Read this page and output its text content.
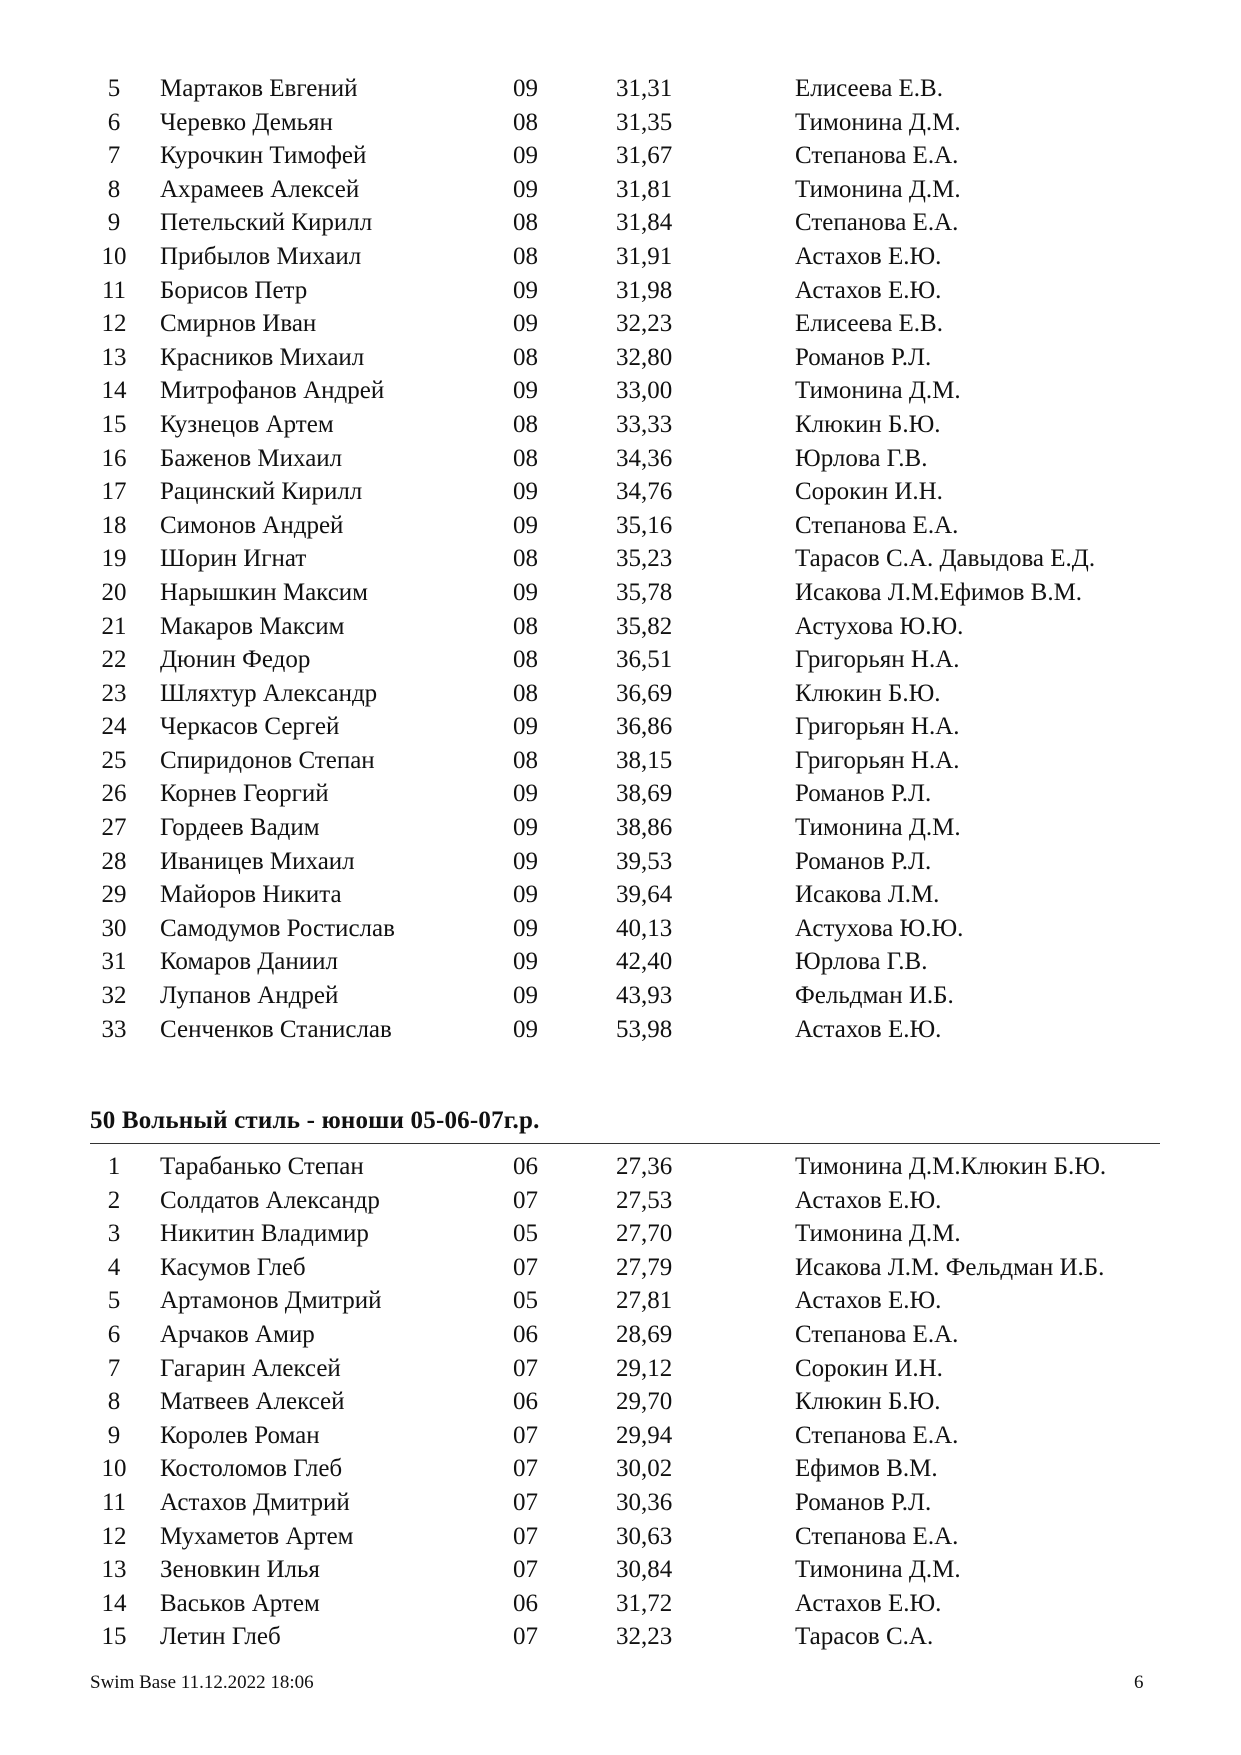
5	Мартаков Евгений	09	31,31	Елисеева Е.В.
6	Черевко Демьян	08	31,35	Тимонина Д.М.
7	Курочкин Тимофей	09	31,67	Степанова Е.А.
8	Ахрамеев Алексей	09	31,81	Тимонина Д.М.
9	Петельский Кирилл	08	31,84	Степанова Е.А.
10 Прибылов Михаил	08	31,91	Астахов Е.Ю.
11 Борисов Петр	09	31,98	Астахов Е.Ю.
12 Смирнов Иван	09	32,23	Елисеева Е.В.
13 Красников Михаил	08	32,80	Романов Р.Л.
14 Митрофанов Андрей	09	33,00	Тимонина Д.М.
15 Кузнецов Артем	08	33,33	Клюкин Б.Ю.
16 Баженов Михаил	08	34,36	Юрлова Г.В.
17 Рацинский Кирилл	09	34,76	Сорокин И.Н.
18 Симонов Андрей	09	35,16	Степанова Е.А.
19 Шорин Игнат	08	35,23	Тарасов С.А. Давыдова Е.Д.
20 Нарышкин Максим	09	35,78	Исакова Л.М.Ефимов В.М.
21 Макаров Максим	08	35,82	Астухова Ю.Ю.
22 Дюнин Федор	08	36,51	Григорьян Н.А.
23 Шляхтур Александр	08	36,69	Клюкин Б.Ю.
24 Черкасов Сергей	09	36,86	Григорьян Н.А.
25 Спиридонов Степан	08	38,15	Григорьян Н.А.
26 Корнев Георгий	09	38,69	Романов Р.Л.
27 Гордеев Вадим	09	38,86	Тимонина Д.М.
28 Иваницев Михаил	09	39,53	Романов Р.Л.
29 Майоров Никита	09	39,64	Исакова Л.М.
30 Самодумов Ростислав	09	40,13	Астухова Ю.Ю.
31 Комаров Даниил	09	42,40	Юрлова Г.В.
32 Лупанов Андрей	09	43,93	Фельдман И.Б.
33 Сенченков Станислав	09	53,98	Астахов Е.Ю.
50 Вольный стиль - юноши 05-06-07г.р.
1	Тарабанько Степан	06	27,36	Тимонина Д.М.Клюкин Б.Ю.
2	Солдатов Александр	07	27,53	Астахов Е.Ю.
3	Никитин Владимир	05	27,70	Тимонина Д.М.
4	Касумов Глеб	07	27,79	Исакова Л.М. Фельдман И.Б.
5	Артамонов Дмитрий	05	27,81	Астахов Е.Ю.
6	Арчаков Амир	06	28,69	Степанова Е.А.
7	Гагарин Алексей	07	29,12	Сорокин И.Н.
8	Матвеев Алексей	06	29,70	Клюкин Б.Ю.
9	Королев Роман	07	29,94	Степанова Е.А.
10 Костоломов Глеб	07	30,02	Ефимов В.М.
11 Астахов Дмитрий	07	30,36	Романов Р.Л.
12 Мухаметов Артем	07	30,63	Степанова Е.А.
13 Зеновкин Илья	07	30,84	Тимонина Д.М.
14 Васьков Артем	06	31,72	Астахов Е.Ю.
15 Летин Глеб	07	32,23	Тарасов С.А.
Swim Base 11.12.2022 18:06	6
